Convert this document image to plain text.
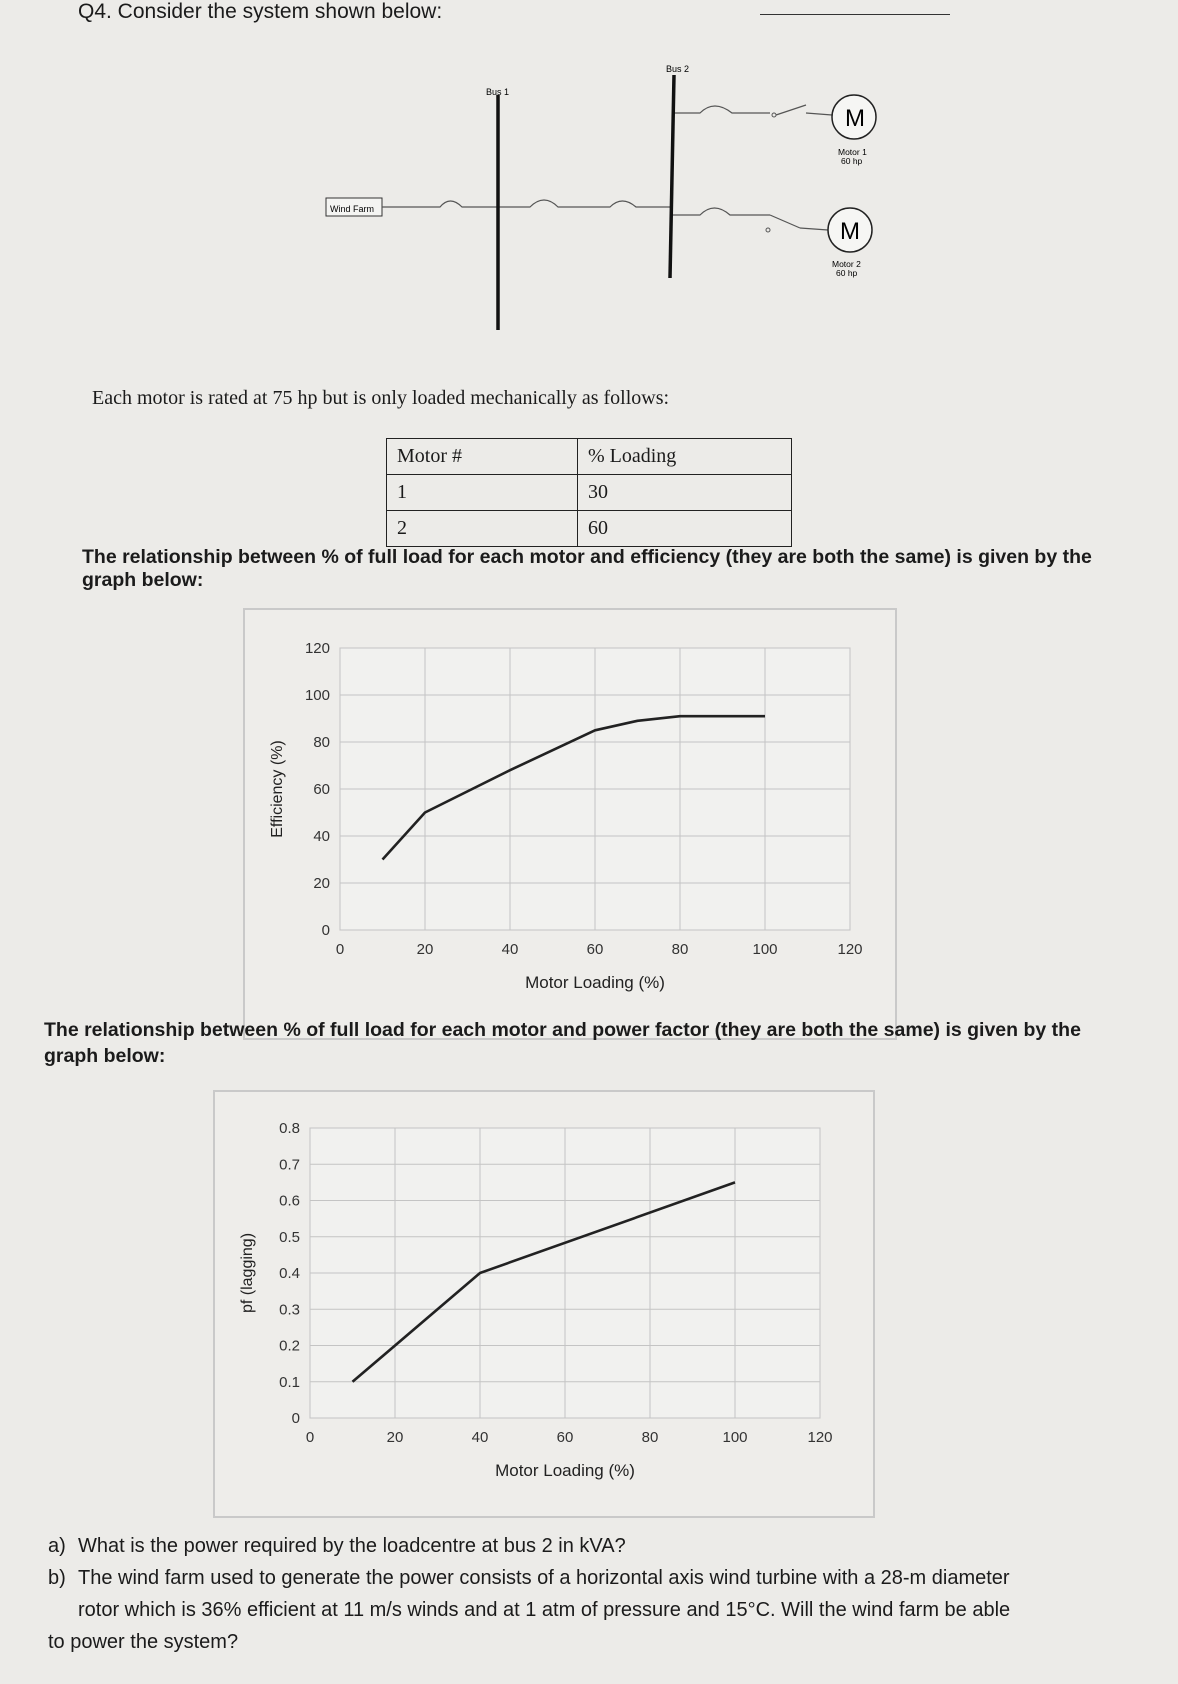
Q4. Consider the system shown below:
Wind Farm
Bus 1
Bus 2
M
Motor 1
60 hp
M
Motor 2
60 hp
Each motor is rated at 75 hp but is only loaded mechanically as follows:
Motor #	% Loading
1	30
2	60
The relationship between % of full load for each motor and efficiency (they are both the same) is given by the
graph below:
0	20	40	60	80	100	120
0
20
40
60
80
100
120
Motor Loading (%)
Efficiency (%)
The relationship between % of full load for each motor and power factor (they are both the same) is given by the
graph below:
0	20	40	60	80	100	120
0
0.1
0.2
0.3
0.4
0.5
0.6
0.7
0.8
Motor Loading (%)
pf (lagging)
a) What is the power required by the loadcentre at bus 2 in kVA?
b) The wind farm used to generate the power consists of a horizontal axis wind turbine with a 28-m diameter
rotor which is 36% efficient at 11 m/s winds and at 1 atm of pressure and 15°C. Will the wind farm be able
to power the system?
